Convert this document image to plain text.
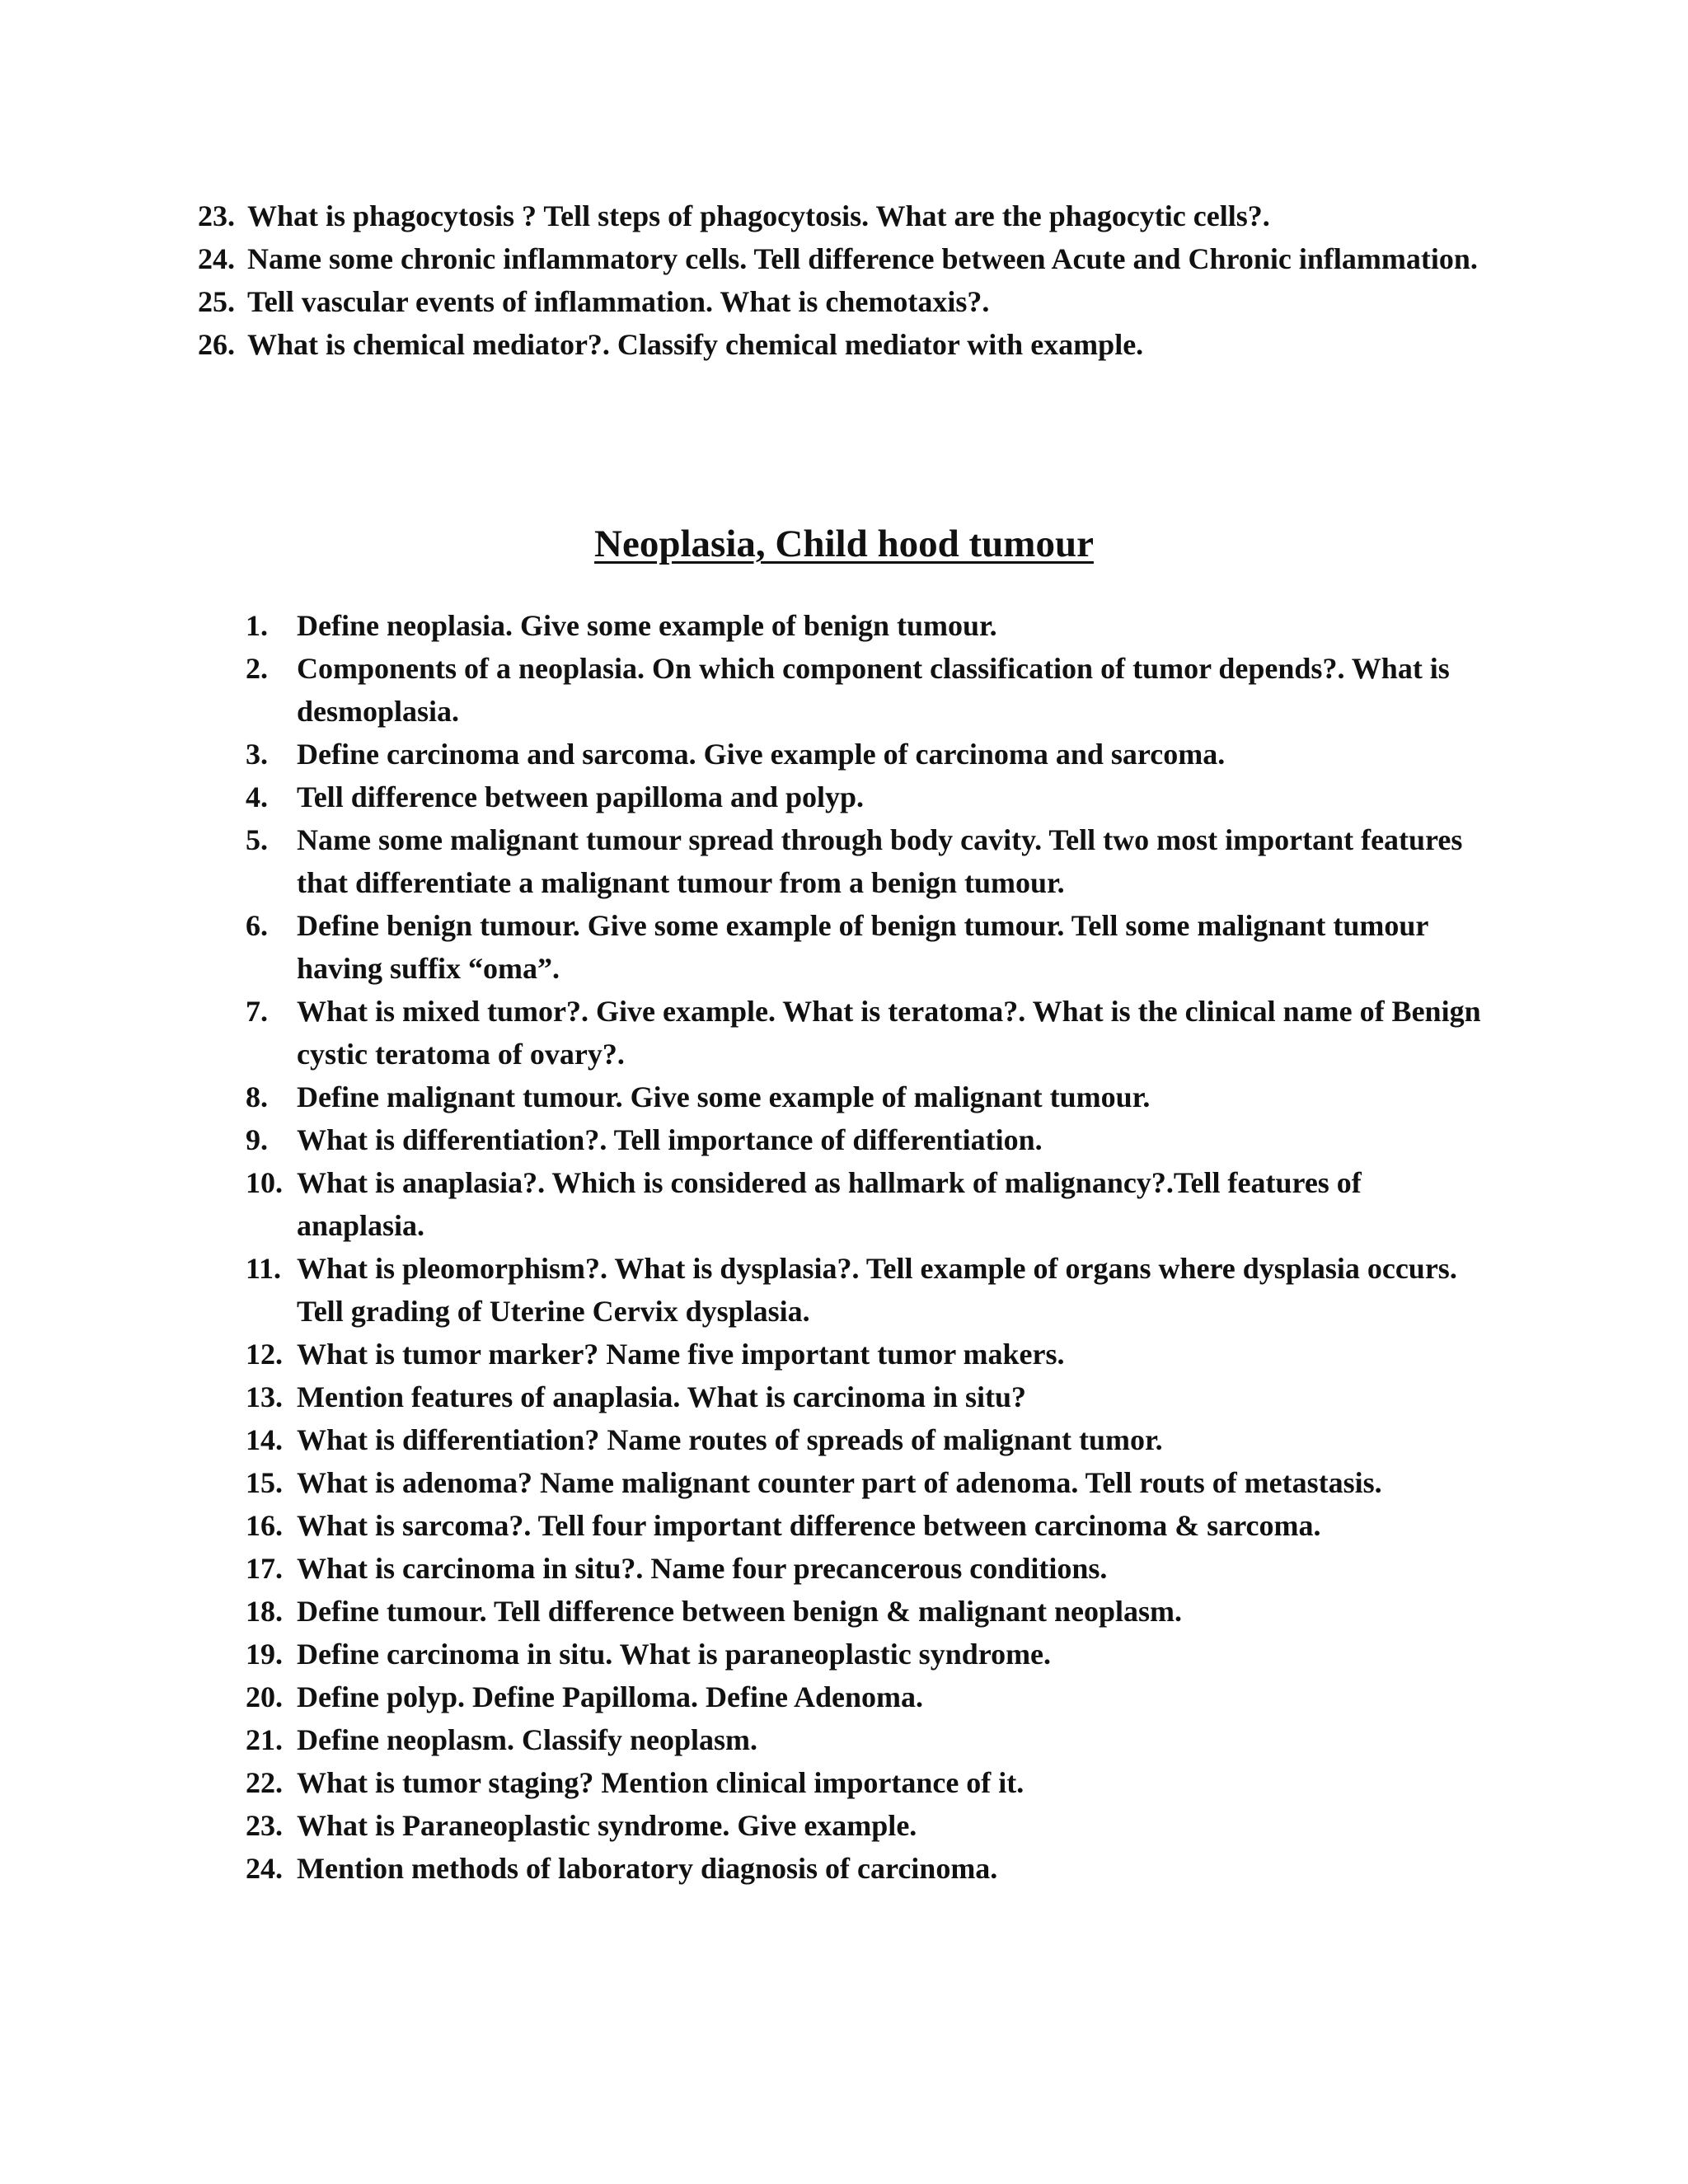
23. What is phagocytosis ? Tell steps of phagocytosis. What are the phagocytic cells?.
24. Name some chronic inflammatory cells. Tell difference between Acute and Chronic inflammation.
25. Tell vascular events of inflammation. What is chemotaxis?.
26. What is chemical mediator?. Classify chemical mediator with example.
Neoplasia, Child hood tumour
1. Define neoplasia. Give some example of benign tumour.
2. Components of a neoplasia. On which component classification of tumor depends?. What is desmoplasia.
3. Define carcinoma and sarcoma. Give example of carcinoma and sarcoma.
4. Tell difference between papilloma and polyp.
5. Name some malignant tumour spread through body cavity. Tell two most important features that differentiate a malignant tumour from a benign tumour.
6. Define benign tumour. Give some example of benign tumour. Tell some malignant tumour having suffix “oma”.
7. What is mixed tumor?. Give example. What is teratoma?. What is the clinical name of Benign cystic teratoma of ovary?.
8. Define malignant tumour. Give some example of malignant tumour.
9. What is differentiation?. Tell importance of differentiation.
10. What is anaplasia?. Which is considered as hallmark of malignancy?.Tell features of anaplasia.
11. What is pleomorphism?. What is dysplasia?. Tell example of organs where dysplasia occurs. Tell grading of Uterine Cervix dysplasia.
12. What is tumor marker? Name five important tumor makers.
13. Mention features of anaplasia. What is carcinoma in situ?
14. What is differentiation? Name routes of spreads of malignant tumor.
15. What is adenoma? Name malignant counter part of adenoma. Tell routs of metastasis.
16. What is sarcoma?. Tell four important difference between carcinoma & sarcoma.
17. What is carcinoma in situ?. Name four precancerous conditions.
18. Define tumour. Tell difference between benign & malignant neoplasm.
19. Define carcinoma in situ. What is paraneoplastic syndrome.
20. Define polyp. Define Papilloma. Define Adenoma.
21. Define neoplasm. Classify neoplasm.
22. What is tumor staging? Mention clinical importance of it.
23. What is Paraneoplastic syndrome. Give example.
24. Mention methods of laboratory diagnosis of carcinoma.
